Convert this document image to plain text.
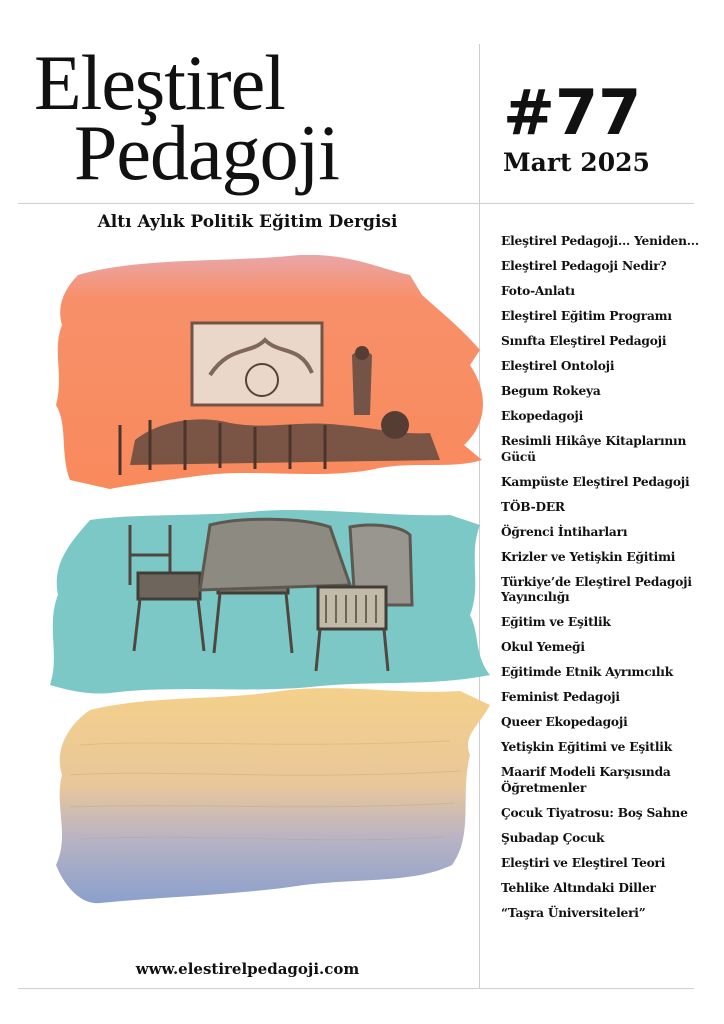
Eleştirel
Pedagoji	#77
Mart 2025
Altı Aylık Politik Eğitim Dergisi
Eleştirel Pedagoji... Yeniden...
Eleştirel Pedagoji Nedir?
Foto-Anlatı
Eleştirel Eğitim Programı
Sınıfta Eleştirel Pedagoji
Eleştirel Ontoloji
Begum Rokeya
Ekopedagoji
Resimli Hikâye Kitaplarının Gücü
Kampüste Eleştirel Pedagoji
TÖB-DER
Öğrenci İntiharları
Krizler ve Yetişkin Eğitimi
Türkiye’de Eleştirel Pedagoji Yayıncılığı
Eğitim ve Eşitlik
Okul Yemeği
Eğitimde Etnik Ayrımcılık
Feminist Pedagoji
Queer Ekopedagoji
Yetişkin Eğitimi ve Eşitlik
Maarif Modeli Karşısında Öğretmenler
Çocuk Tiyatrosu: Boş Sahne
Şubadap Çocuk
Eleştiri ve Eleştirel Teori
Tehlike Altındaki Diller
“Taşra Üniversiteleri”
www.elestirelpedagoji.com
